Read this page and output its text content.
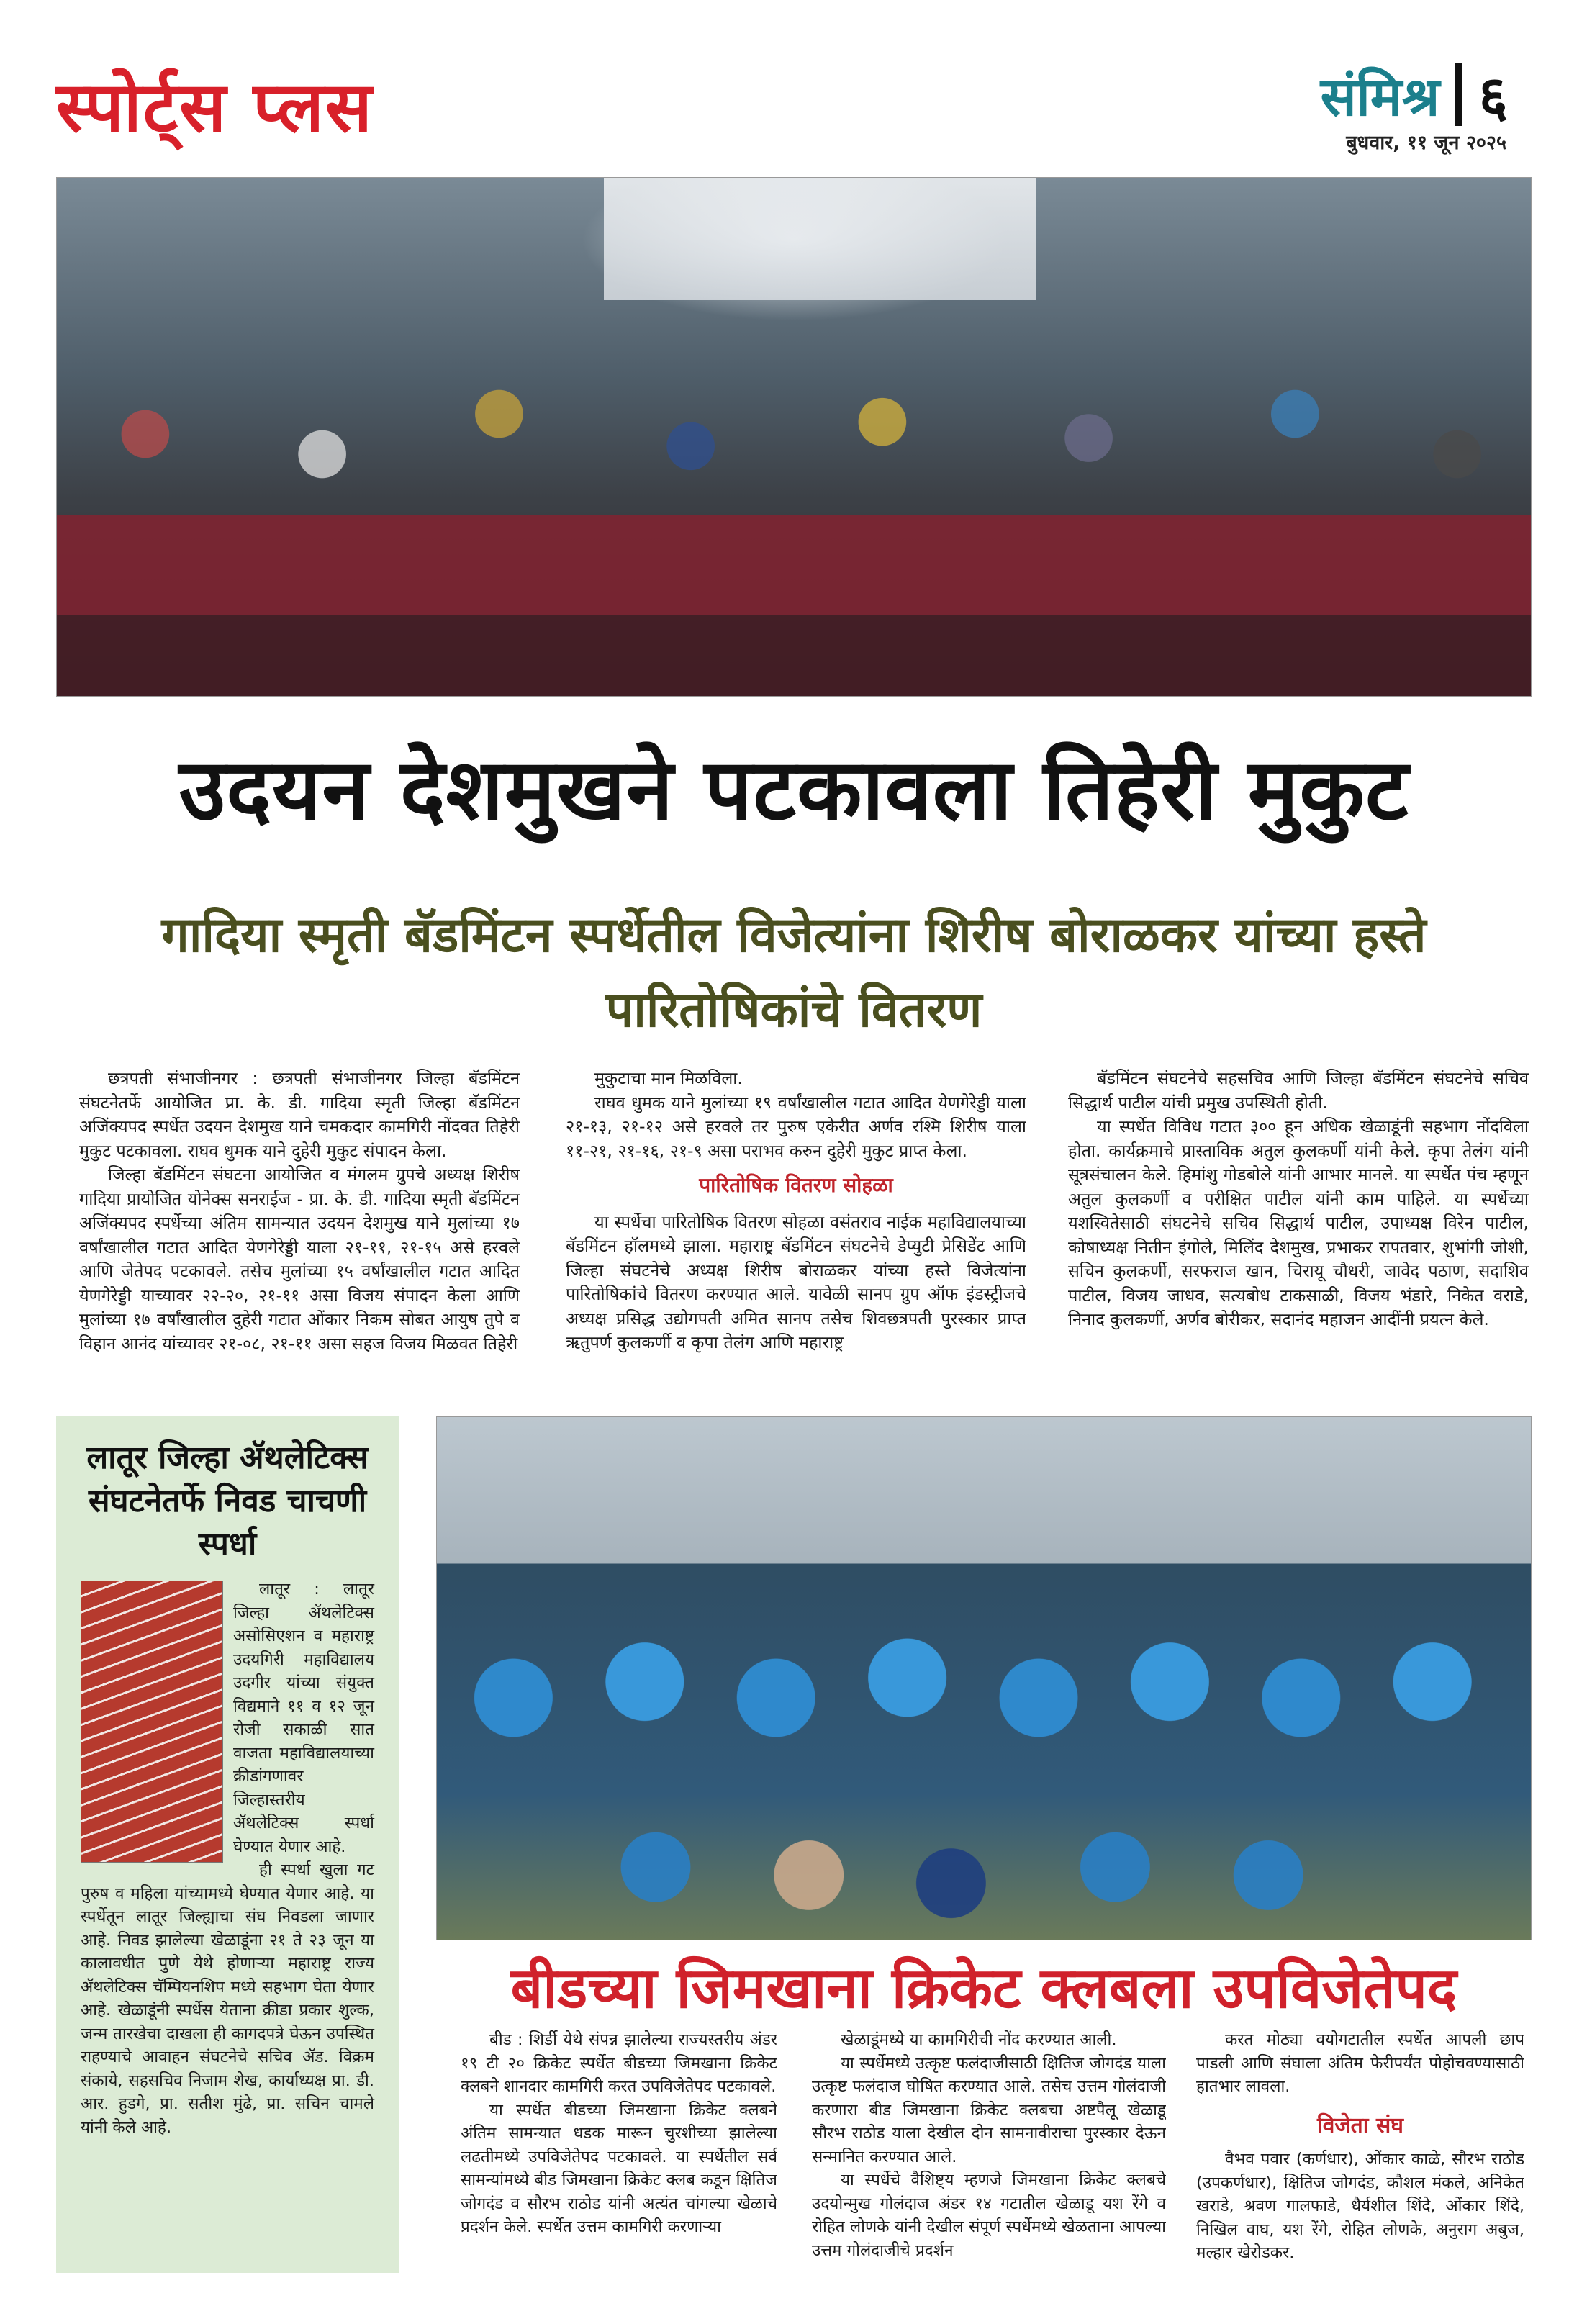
स्पोर्ट्स प्लस	संमिश्र ६
बुधवार, ११ जून २०२५
उदयन देशमुखने पटकावला तिहेरी मुकुट
गादिया स्मृती बॅडमिंटन स्पर्धेतील विजेत्यांना शिरीष बोराळकर यांच्या हस्ते पारितोषिकांचे वितरण

छत्रपती संभाजीनगर : छत्रपती संभाजीनगर जिल्हा बॅडमिंटन संघटनेतर्फे आयोजित प्रा. के. डी. गादिया स्मृती जिल्हा बॅडमिंटन अजिंक्यपद स्पर्धेत उदयन देशमुख याने चमकदार कामगिरी नोंदवत तिहेरी मुकुट पटकावला. राघव धुमक याने दुहेरी मुकुट संपादन केला.

जिल्हा बॅडमिंटन संघटना आयोजित व मंगलम ग्रुपचे अध्यक्ष शिरीष गादिया प्रायोजित योनेक्स सनराईज - प्रा. के. डी. गादिया स्मृती बॅडमिंटन अजिंक्यपद स्पर्धेच्या अंतिम सामन्यात उदयन देशमुख याने मुलांच्या १७ वर्षांखालील गटात आदित येणगेरेड्डी याला २१-११, २१-१५ असे हरवले आणि जेतेपद पटकावले. तसेच मुलांच्या १५ वर्षांखालील गटात आदित येणगेरेड्डी याच्यावर २२-२०, २१-११ असा विजय संपादन केला आणि मुलांच्या १७ वर्षांखालील दुहेरी गटात ओंकार निकम सोबत आयुष तुपे व विहान आनंद यांच्यावर २१-०८, २१-११ असा सहज विजय मिळवत तिहेरी

मुकुटाचा मान मिळविला.

राघव धुमक याने मुलांच्या १९ वर्षांखालील गटात आदित येणगेरेड्डी याला २१-१३, २१-१२ असे हरवले तर पुरुष एकेरीत अर्णव रश्मि शिरीष याला ११-२१, २१-१६, २१-९ असा पराभव करुन दुहेरी मुकुट प्राप्त केला.

पारितोषिक वितरण सोहळा

या स्पर्धेचा पारितोषिक वितरण सोहळा वसंतराव नाईक महाविद्यालयाच्या बॅडमिंटन हॉलमध्ये झाला. महाराष्ट्र बॅडमिंटन संघटनेचे डेप्युटी प्रेसिडेंट आणि जिल्हा संघटनेचे अध्यक्ष शिरीष बोराळकर यांच्या हस्ते विजेत्यांना पारितोषिकांचे वितरण करण्यात आले. यावेळी सानप ग्रुप ऑफ इंडस्ट्रीजचे अध्यक्ष प्रसिद्ध उद्योगपती अमित सानप तसेच शिवछत्रपती पुरस्कार प्राप्त ऋतुपर्ण कुलकर्णी व कृपा तेलंग आणि महाराष्ट्र

बॅडमिंटन संघटनेचे सहसचिव आणि जिल्हा बॅडमिंटन संघटनेचे सचिव सिद्धार्थ पाटील यांची प्रमुख उपस्थिती होती.

या स्पर्धेत विविध गटात ३०० हून अधिक खेळाडूंनी सहभाग नोंदविला होता. कार्यक्रमाचे प्रास्ताविक अतुल कुलकर्णी यांनी केले. कृपा तेलंग यांनी सूत्रसंचालन केले. हिमांशु गोडबोले यांनी आभार मानले. या स्पर्धेत पंच म्हणून अतुल कुलकर्णी व परीक्षित पाटील यांनी काम पाहिले. या स्पर्धेच्या यशस्वितेसाठी संघटनेचे सचिव सिद्धार्थ पाटील, उपाध्यक्ष विरेन पाटील, कोषाध्यक्ष नितीन इंगोले, मिलिंद देशमुख, प्रभाकर रापतवार, शुभांगी जोशी, सचिन कुलकर्णी, सरफराज खान, चिरायू चौधरी, जावेद पठाण, सदाशिव पाटील, विजय जाधव, सत्यबोध टाकसाळी, विजय भंडारे, निकेत वराडे, निनाद कुलकर्णी, अर्णव बोरीकर, सदानंद महाजन आदींनी प्रयत्न केले.

लातूर जिल्हा ॲथलेटिक्स संघटनेतर्फे निवड चाचणी स्पर्धा

लातूर : लातूर जिल्हा ॲथलेटिक्स असोसिएशन व महाराष्ट्र उदयगिरी महाविद्यालय उदगीर यांच्या संयुक्त विद्यमाने ११ व १२ जून रोजी सकाळी सात वाजता महाविद्यालयाच्या क्रीडांगणावर जिल्हास्तरीय ॲथलेटिक्स स्पर्धा घेण्यात येणार आहे.

ही स्पर्धा खुला गट पुरुष व महिला यांच्यामध्ये घेण्यात येणार आहे. या स्पर्धेतून लातूर जिल्ह्याचा संघ निवडला जाणार आहे. निवड झालेल्या खेळाडूंना २१ ते २३ जून या कालावधीत पुणे येथे होणाऱ्या महाराष्ट्र राज्य ॲथलेटिक्स चॅम्पियनशिप मध्ये सहभाग घेता येणार आहे. खेळाडूंनी स्पर्धेस येताना क्रीडा प्रकार शुल्क, जन्म तारखेचा दाखला ही कागदपत्रे घेऊन उपस्थित राहण्याचे आवाहन संघटनेचे सचिव ॲड. विक्रम संकाये, सहसचिव निजाम शेख, कार्याध्यक्ष प्रा. डी. आर. हुडगे, प्रा. सतीश मुंढे, प्रा. सचिन चामले यांनी केले आहे.

बीडच्या जिमखाना क्रिकेट क्लबला उपविजेतेपद

बीड : शिर्डी येथे संपन्न झालेल्या राज्यस्तरीय अंडर १९ टी २० क्रिकेट स्पर्धेत बीडच्या जिमखाना क्रिकेट क्लबने शानदार कामगिरी करत उपविजेतेपद पटकावले.

या स्पर्धेत बीडच्या जिमखाना क्रिकेट क्लबने अंतिम सामन्यात धडक मारून चुरशीच्या झालेल्या लढतीमध्ये उपविजेतेपद पटकावले. या स्पर्धेतील सर्व सामन्यांमध्ये बीड जिमखाना क्रिकेट क्लब कडून क्षितिज जोगदंड व सौरभ राठोड यांनी अत्यंत चांगल्या खेळाचे प्रदर्शन केले. स्पर्धेत उत्तम कामगिरी करणाऱ्या

खेळाडूंमध्ये या कामगिरीची नोंद करण्यात आली.

या स्पर्धेमध्ये उत्कृष्ट फलंदाजीसाठी क्षितिज जोगदंड याला उत्कृष्ट फलंदाज घोषित करण्यात आले. तसेच उत्तम गोलंदाजी करणारा बीड जिमखाना क्रिकेट क्लबचा अष्टपैलू खेळाडू सौरभ राठोड याला देखील दोन सामनावीराचा पुरस्कार देऊन सन्मानित करण्यात आले.

या स्पर्धेचे वैशिष्ट्य म्हणजे जिमखाना क्रिकेट क्लबचे उदयोन्मुख गोलंदाज अंडर १४ गटातील खेळाडू यश रेंगे व रोहित लोणके यांनी देखील संपूर्ण स्पर्धेमध्ये खेळताना आपल्या उत्तम गोलंदाजीचे प्रदर्शन

करत मोठ्या वयोगटातील स्पर्धेत आपली छाप पाडली आणि संघाला अंतिम फेरीपर्यंत पोहोचवण्यासाठी हातभार लावला.

विजेता संघ

वैभव पवार (कर्णधार), ओंकार काळे, सौरभ राठोड (उपकर्णधार), क्षितिज जोगदंड, कौशल मंकले, अनिकेत खराडे, श्रवण गालफाडे, धैर्यशील शिंदे, ओंकार शिंदे, निखिल वाघ, यश रेंगे, रोहित लोणके, अनुराग अबुज, मल्हार खेरोडकर.
